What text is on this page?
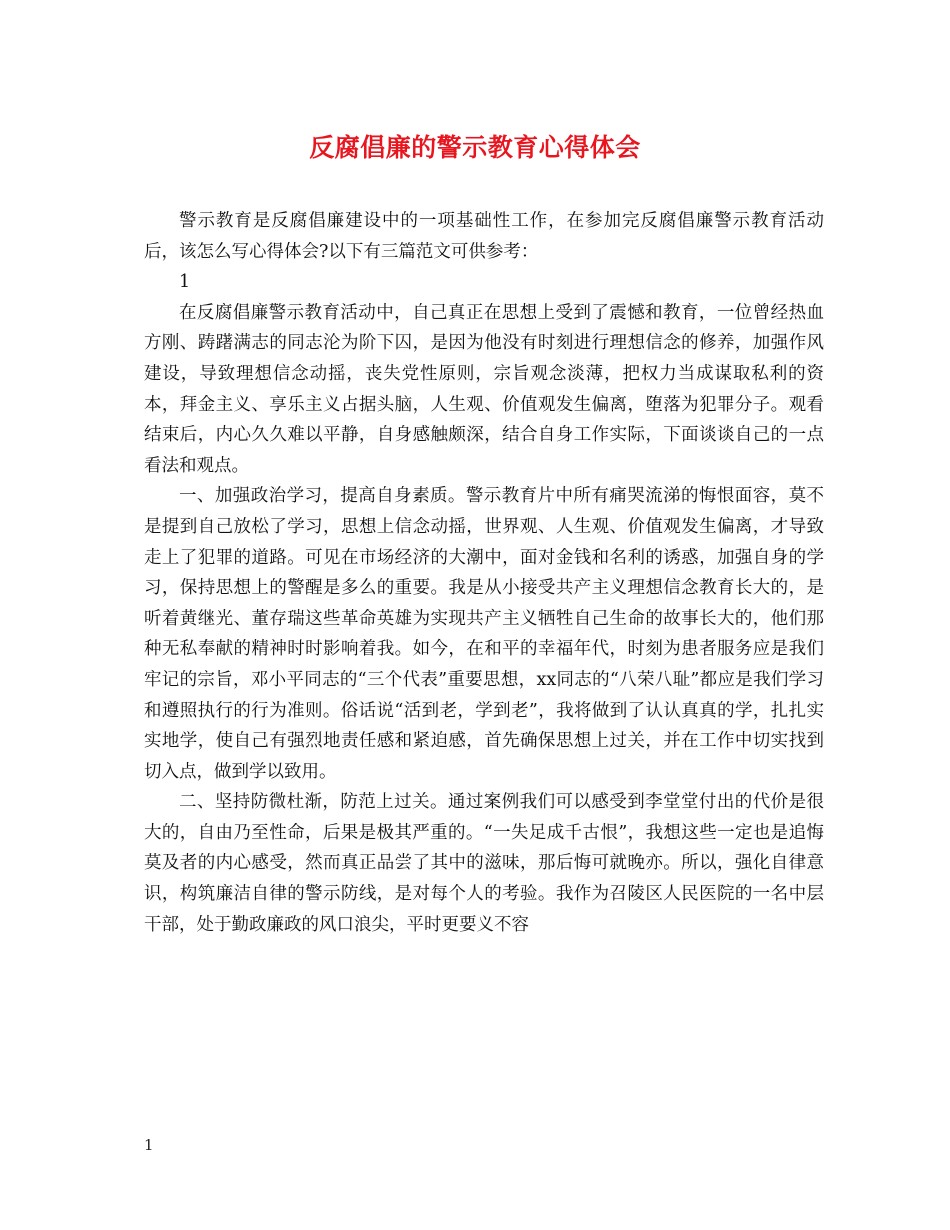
反腐倡廉的警示教育心得体会

警示教育是反腐倡廉建设中的一项基础性工作，在参加完反腐倡廉警示教育活动后，该怎么写心得体会?以下有三篇范文可供参考：

1

在反腐倡廉警示教育活动中，自己真正在思想上受到了震憾和教育，一位曾经热血方刚、踌躇满志的同志沦为阶下囚，是因为他没有时刻进行理想信念的修养，加强作风建设，导致理想信念动摇，丧失党性原则，宗旨观念淡薄，把权力当成谋取私利的资本，拜金主义、享乐主义占据头脑，人生观、价值观发生偏离，堕落为犯罪分子。观看结束后，内心久久难以平静，自身感触颇深，结合自身工作实际，下面谈谈自己的一点看法和观点。

一、加强政治学习，提高自身素质。警示教育片中所有痛哭流涕的悔恨面容，莫不是提到自己放松了学习，思想上信念动摇，世界观、人生观、价值观发生偏离，才导致走上了犯罪的道路。可见在市场经济的大潮中，面对金钱和名利的诱惑，加强自身的学习，保持思想上的警醒是多么的重要。我是从小接受共产主义理想信念教育长大的，是听着黄继光、董存瑞这些革命英雄为实现共产主义牺牲自己生命的故事长大的，他们那种无私奉献的精神时时影响着我。如今，在和平的幸福年代，时刻为患者服务应是我们牢记的宗旨，邓小平同志的“三个代表”重要思想，xx同志的“八荣八耻”都应是我们学习和遵照执行的行为准则。俗话说“活到老，学到老”，我将做到了认认真真的学，扎扎实实地学，使自己有强烈地责任感和紧迫感，首先确保思想上过关，并在工作中切实找到切入点，做到学以致用。

二、坚持防微杜渐，防范上过关。通过案例我们可以感受到李堂堂付出的代价是很大的，自由乃至性命，后果是极其严重的。“一失足成千古恨”，我想这些一定也是追悔莫及者的内心感受，然而真正品尝了其中的滋味，那后悔可就晚亦。所以，强化自律意识，构筑廉洁自律的警示防线，是对每个人的考验。我作为召陵区人民医院的一名中层干部，处于勤政廉政的风口浪尖，平时更要义不容

1
